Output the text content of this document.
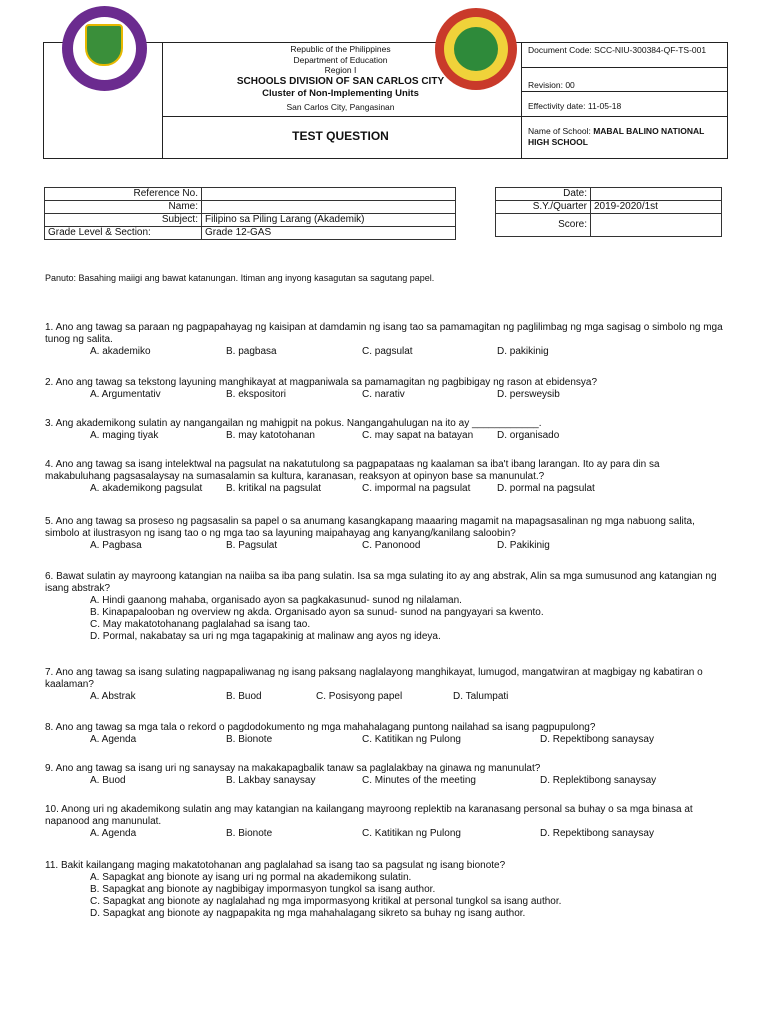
Republic of the Philippines
Department of Education
Region I
SCHOOLS DIVISION OF SAN CARLOS CITY
Cluster of Non-Implementing Units
San Carlos City, Pangasinan
TEST QUESTION
Document Code: SCC-NIU-300384-QF-TS-001
Revision: 00
Effectivity date: 11-05-18
Name of School: MABAL BALINO NATIONAL HIGH SCHOOL
Reference No.	
Name:	
Subject:	Filipino sa Piling Larang (Akademik)
Grade Level & Section:	Grade 12-GAS
Date:	
S.Y./Quarter	2019-2020/1st
Score:	
Panuto: Basahing maiigi ang bawat katanungan. Itiman ang inyong kasagutan sa sagutang papel.
1. Ano ang tawag sa paraan ng pagpapahayag ng kaisipan at damdamin ng isang tao sa pamamagitan ng paglilimbag ng mga sagisag o simbolo ng mga tunog ng salita.
A. akademiko	B. pagbasa	C. pagsulat	D. pakikinig
2. Ano ang tawag sa tekstong layuning manghikayat at magpaniwala sa pamamagitan ng pagbibigay ng rason at ebidensya?
A. Argumentativ	B. ekspositori	C. narativ	D. persweysib
3. Ang akademikong sulatin ay nangangailan ng mahigpit na pokus. Nangangahulugan na ito ay ____________.
A. maging tiyak	B. may katotohanan	C. may sapat na batayan D. organisado
4. Ano ang tawag sa isang intelektwal na pagsulat na nakatutulong sa pagpapataas ng kaalaman sa iba't ibang larangan. Ito ay para din sa makabuluhang pagsasalaysay na sumasalamin sa kultura, karanasan, reaksyon at opinyon base sa manunulat.?
A. akademikong pagsulat B. kritikal na pagsulat	C. impormal na pagsulat	D. pormal na pagsulat
5. Ano ang tawag sa proseso ng pagsasalin sa papel o sa anumang kasangkapang maaaring magamit na mapagsasalinan ng mga nabuong salita, simbolo at ilustrasyon ng isang tao o ng mga tao sa layuning maipahayag ang kanyang/kanilang saloobin?
A. Pagbasa	B. Pagsulat	C. Panonood	D. Pakikinig
6. Bawat sulatin ay mayroong katangian na naiiba sa iba pang sulatin. Isa sa mga sulating ito ay ang abstrak, Alin sa mga sumusunod ang katangian ng isang abstrak?
A. Hindi gaanong mahaba, organisado ayon sa pagkakasunud- sunod ng nilalaman.
B. Kinapapalooban ng overview ng akda. Organisado ayon sa sunud- sunod na pangyayari sa kwento.
C. May makatotohanang paglalahad sa isang tao.
D. Pormal, nakabatay sa uri ng mga tagapakinig at malinaw ang ayos ng ideya.
7. Ano ang tawag sa isang sulating nagpapaliwanag ng isang paksang naglalayong manghikayat, lumugod, mangatwiran at magbigay ng kabatiran o kaalaman?
A. Abstrak	B. Buod	C. Posisyong papel	D. Talumpati
8. Ano ang tawag sa mga tala o rekord o pagdodokumento ng mga mahahalagang puntong nailahad sa isang pagpupulong?
A. Agenda	B. Bionote	C. Katitikan ng Pulong	D. Repektibong sanaysay
9. Ano ang tawag sa isang uri ng sanaysay na makakapagbalik tanaw sa paglalakbay na ginawa ng manunulat?
A. Buod	B. Lakbay sanaysay	C. Minutes of the meeting	D. Replektibong sanaysay
10. Anong uri ng akademikong sulatin ang may katangian na kailangang mayroong replektib na karanasang personal sa buhay o sa mga binasa at napanood ang manunulat.
A. Agenda	B. Bionote	C. Katitikan ng Pulong	D. Repektibong sanaysay
11. Bakit kailangang maging makatotohanan ang paglalahad sa isang tao sa pagsulat ng isang bionote?
A. Sapagkat ang bionote ay isang uri ng pormal na akademikong sulatin.
B. Sapagkat ang bionote ay nagbibigay impormasyon tungkol sa isang author.
C. Sapagkat ang bionote ay naglalahad ng mga impormasyong kritikal at personal tungkol sa isang author.
D. Sapagkat ang bionote ay nagpapakita ng mga mahahalagang sikreto sa buhay ng isang author.
